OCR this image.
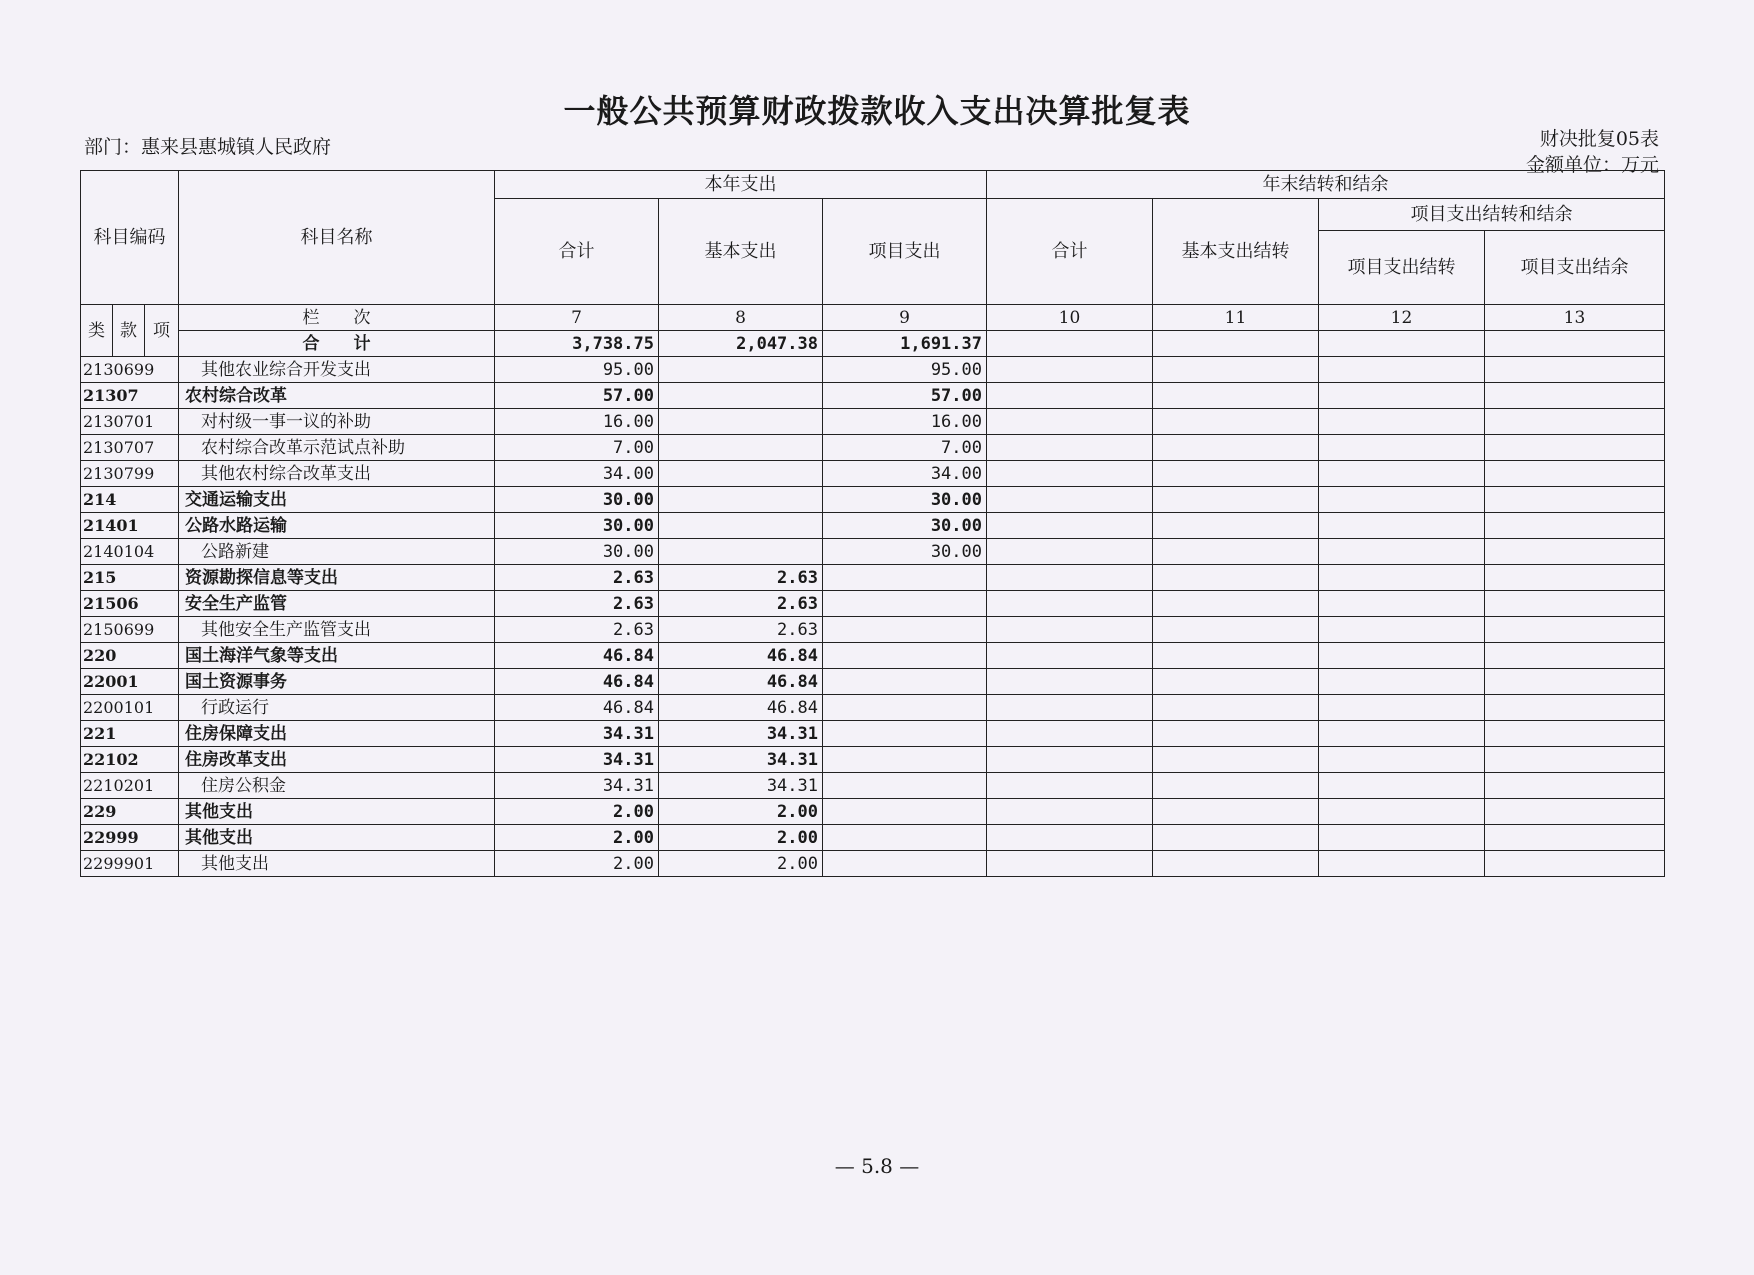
一般公共预算财政拨款收入支出决算批复表
部门：惠来县惠城镇人民政府	财决批复05表
金额单位：万元
科目编码			科目名称	本年支出			年末结转和结余			
				合计	基本支出	项目支出	合计	基本支出结转	项目支出结转和结余	
									项目支出结转	项目支出结余
类	款	项	栏　　次	7	8	9	10	11	12	13
			合　　计	3,738.75	2,047.38	1,691.37				
2130699			其他农业综合开发支出	95.00		95.00				
21307			农村综合改革	57.00		57.00				
2130701			对村级一事一议的补助	16.00		16.00				
2130707			农村综合改革示范试点补助	7.00		7.00				
2130799			其他农村综合改革支出	34.00		34.00				
214			交通运输支出	30.00		30.00				
21401			公路水路运输	30.00		30.00				
2140104			公路新建	30.00		30.00				
215			资源勘探信息等支出	2.63	2.63					
21506			安全生产监管	2.63	2.63					
2150699			其他安全生产监管支出	2.63	2.63					
220			国土海洋气象等支出	46.84	46.84					
22001			国土资源事务	46.84	46.84					
2200101			行政运行	46.84	46.84					
221			住房保障支出	34.31	34.31					
22102			住房改革支出	34.31	34.31					
2210201			住房公积金	34.31	34.31					
229			其他支出	2.00	2.00					
22999			其他支出	2.00	2.00					
2299901			其他支出	2.00	2.00					
— 5.8 —
